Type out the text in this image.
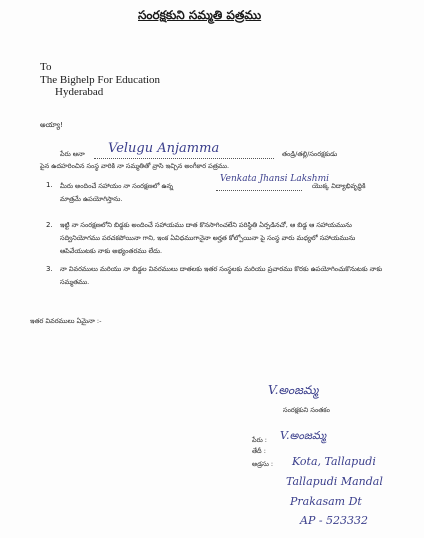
సంరక్షకుని సమ్మతి పత్రము
To
The Bighelp For Education
Hyderabad
అయ్యా!
పేరు ఆనా Velugu Anjamma	తండ్రి/తల్లి/సంరక్షకుడు
పైన ఉదహరించిన సంస్థ వారికి నా సమ్మతితో వ్రాసి ఇచ్చిన అంగీకార పత్రము.
1. మీరు అందించే సహాయం నా సంరక్షణలో ఉన్న
Venkata Jhansi Lakshmi
యొక్క విద్యాభివృద్ధికి
మాత్రమే ఉపయోగిస్తాను.
2. ఇట్టి నా సంరక్షణలోని బిడ్డకు అందించే సహాయము దాత కొనసాగించలేని పరిస్థితి ఏర్పడినచో, ఆ బిడ్డ ఆ సహాయమును సద్వినియోగము పరచకపోయినా గాని, ఇంక ఏవిధముగానైనా అర్హత కోల్పోయినా పై సంస్థ వారు మధ్యలో సహాయమును ఆపివేయుటకు నాకు అభ్యంతరము లేదు.
3. నా వివరములు మరియు నా బిడ్డల వివరములు దాతలకు ఇతర సంస్థలకు మరియు ప్రచారము కొరకు ఉపయోగించుకొనుటకు నాకు సమ్మతము.
ఇతర వివరములు ఏమైనా :-
V.అంజమ్మ
సంరక్షకుని సంతకం
పేరు : V.అంజమ్మ
తేదీ :
అడ్రసు : Kota, Tallapudi
Tallapudi Mandal
Prakasam Dt
AP - 523332
